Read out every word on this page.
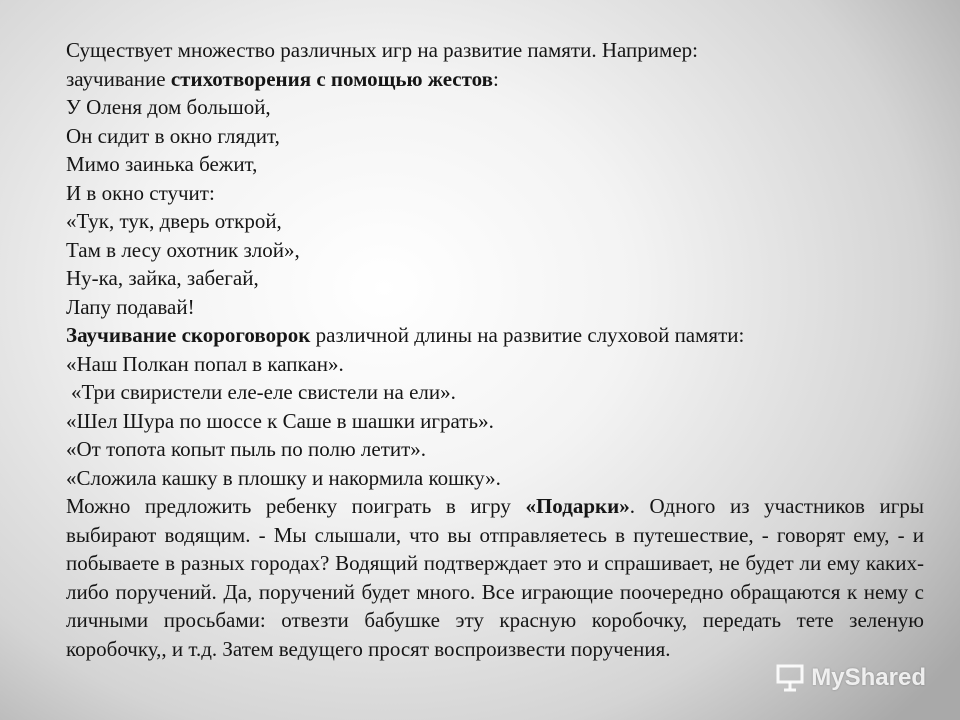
Существует множество различных игр на развитие памяти. Например:
заучивание стихотворения с помощью жестов:
У Оленя дом большой,
Он сидит в окно глядит,
Мимо заинька бежит,
И в окно стучит:
«Тук, тук, дверь открой,
Там в лесу охотник злой»,
Ну-ка, зайка, забегай,
Лапу подавай!
Заучивание скороговорок различной длины на развитие слуховой памяти:
«Наш Полкан попал в капкан».
«Три свиристели еле-еле свистели на ели».
«Шел Шура по шоссе к Саше в шашки играть».
«От топота копыт пыль по полю летит».
«Сложила кашку в плошку и накормила кошку».
Можно предложить ребенку поиграть в игру «Подарки». Одного из участников игры выбирают водящим. - Мы слышали, что вы отправляетесь в путешествие, - говорят ему, - и побываете в разных городах? Водящий подтверждает это и спрашивает, не будет ли ему каких-либо поручений. Да, поручений будет много. Все играющие поочередно обращаются к нему с личными просьбами: отвезти бабушке эту красную коробочку, передать тете зеленую коробочку,, и т.д. Затем ведущего просят воспроизвести поручения.
MyShared
